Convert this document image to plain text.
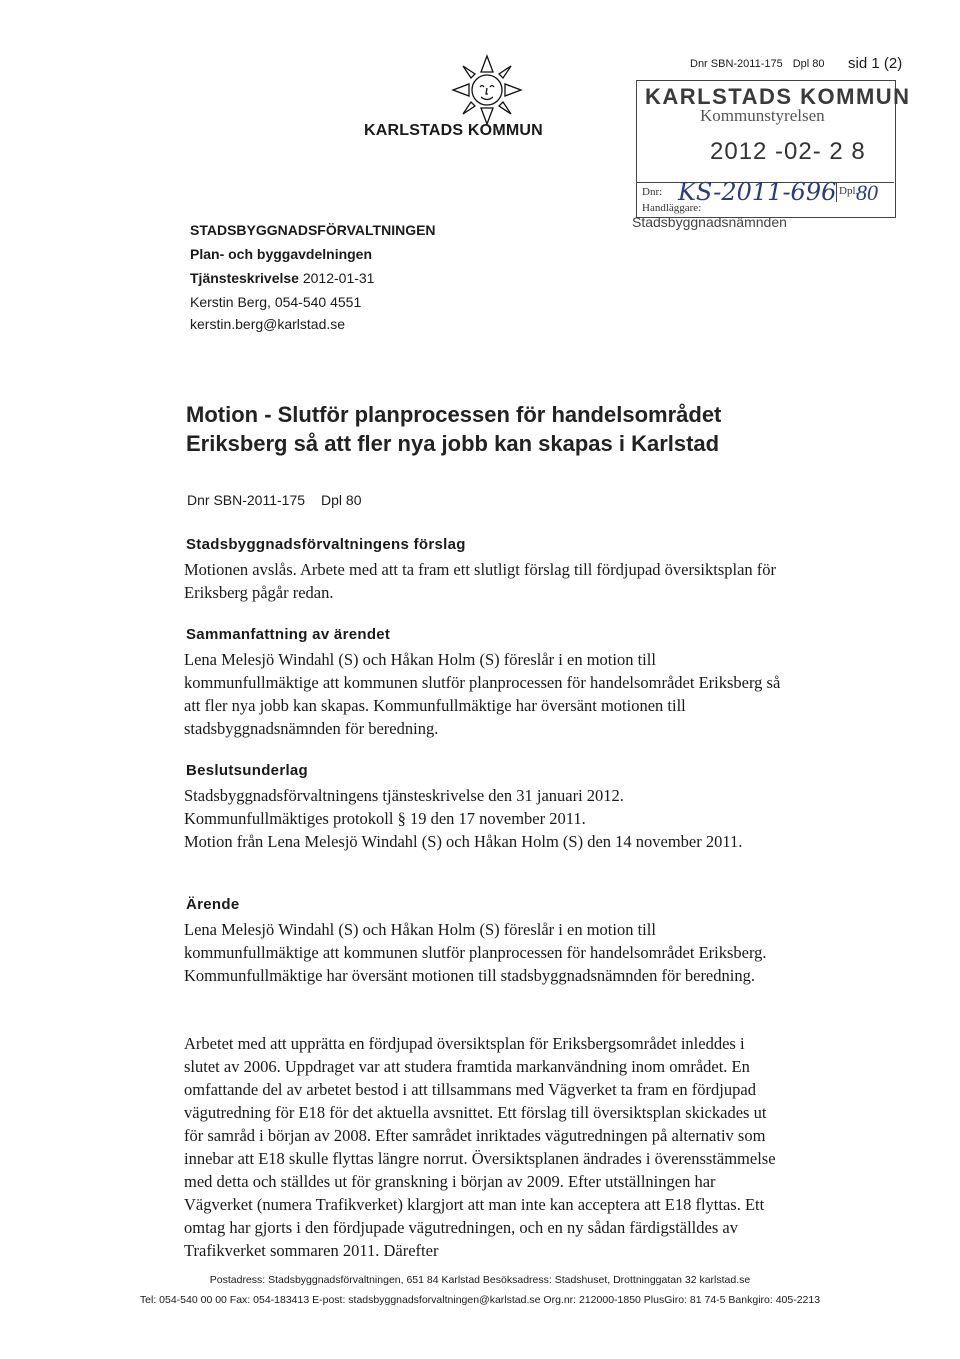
KARLSTADS KOMMUN
Dnr SBN-2011-175 Dpl 80	sid 1 (2)
KARLSTADS KOMMUN
Kommunstyrelsen
2012 -02- 2 8
Dnr: KS-2011-696 Dpl.
80
Handläggare:
Stadsbyggnadsnämnden
STADSBYGGNADSFÖRVALTNINGEN
Plan- och byggavdelningen
Tjänsteskrivelse 2012-01-31
Kerstin Berg, 054-540 4551
kerstin.berg@karlstad.se
Motion - Slutför planprocessen för handelsområdet Eriksberg så att fler nya jobb kan skapas i Karlstad
Dnr SBN-2011-175 Dpl 80
Stadsbyggnadsförvaltningens förslag

Motionen avslås. Arbete med att ta fram ett slutligt förslag till fördjupad översiktsplan för Eriksberg pågår redan.

Sammanfattning av ärendet

Lena Melesjö Windahl (S) och Håkan Holm (S) föreslår i en motion till kommunfullmäktige att kommunen slutför planprocessen för handelsområdet Eriksberg så att fler nya jobb kan skapas. Kommunfullmäktige har översänt motionen till stadsbyggnadsnämnden för beredning.

Beslutsunderlag

Stadsbyggnadsförvaltningens tjänsteskrivelse den 31 januari 2012.

Kommunfullmäktiges protokoll § 19 den 17 november 2011.

Motion från Lena Melesjö Windahl (S) och Håkan Holm (S) den 14 november 2011.

Ärende

Lena Melesjö Windahl (S) och Håkan Holm (S) föreslår i en motion till kommunfullmäktige att kommunen slutför planprocessen för handelsområdet Eriksberg. Kommunfullmäktige har översänt motionen till stadsbyggnadsnämnden för beredning.

Arbetet med att upprätta en fördjupad översiktsplan för Eriksbergsområdet inleddes i slutet av 2006. Uppdraget var att studera framtida markanvändning inom området. En omfattande del av arbetet bestod i att tillsammans med Vägverket ta fram en fördjupad vägutredning för E18 för det aktuella avsnittet. Ett förslag till översiktsplan skickades ut för samråd i början av 2008. Efter samrådet inriktades vägutredningen på alternativ som innebar att E18 skulle flyttas längre norrut. Översiktsplanen ändrades i överensstämmelse med detta och ställdes ut för granskning i början av 2009. Efter utställningen har Vägverket (numera Trafikverket) klargjort att man inte kan acceptera att E18 flyttas. Ett omtag har gjorts i den fördjupade vägutredningen, och en ny sådan färdigställdes av Trafikverket sommaren 2011. Därefter

Postadress: Stadsbyggnadsförvaltningen, 651 84 Karlstad Besöksadress: Stadshuset, Drottninggatan 32 karlstad.se
Tel: 054-540 00 00 Fax: 054-183413 E-post: stadsbyggnadsforvaltningen@karlstad.se Org.nr: 212000-1850 PlusGiro: 81 74-5 Bankgiro: 405-2213
